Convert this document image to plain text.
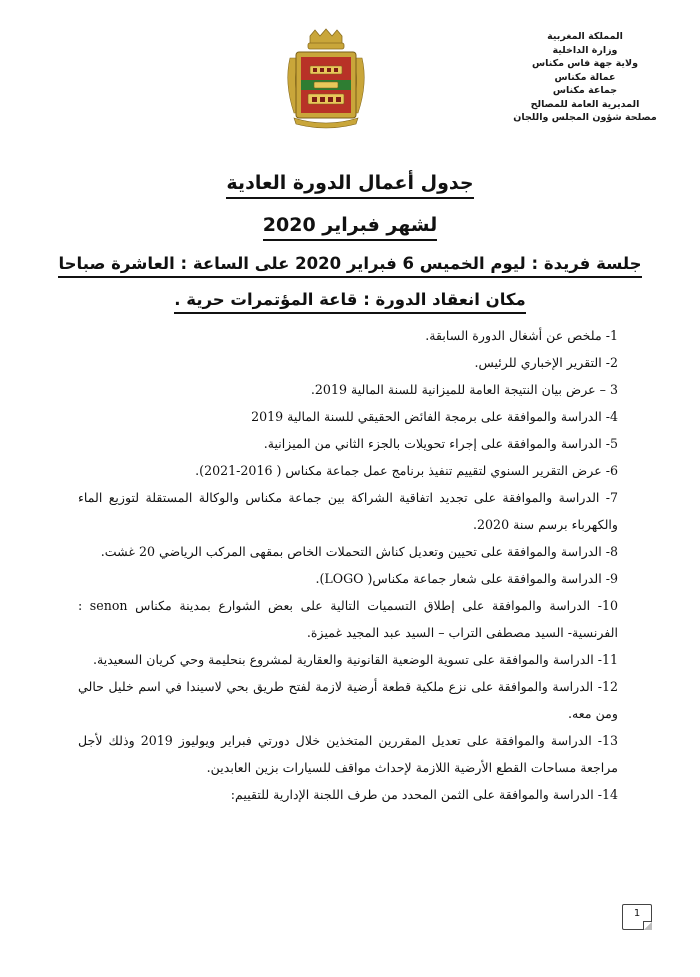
المملكة المغربية
وزارة الداخلية
ولاية جهة فاس مكناس
عمالة مكناس
جماعة مكناس
المديرية العامة للمصالح
مصلحة شؤون المجلس واللجان
جدول أعمال الدورة العادية
لشهر فبراير 2020
جلسة فريدة : ليوم الخميس 6 فبراير 2020 على الساعة : العاشرة صباحا
مكان انعقاد الدورة : قاعة المؤتمرات حرية .
1- ملخص عن أشغال الدورة السابقة.
2- التقرير الإخباري للرئيس.
3 – عرض بيان النتيجة العامة للميزانية للسنة المالية 2019.
4- الدراسة والموافقة على برمجة الفائض الحقيقي للسنة المالية 2019
5- الدراسة والموافقة على إجراء تحويلات بالجزء الثاني من الميزانية.
6- عرض التقرير السنوي لتقييم تنفيذ برنامج عمل جماعة مكناس ( 2016-2021).
7- الدراسة والموافقة على تجديد اتفاقية الشراكة بين جماعة مكناس والوكالة المستقلة لتوزيع الماء والكهرباء برسم سنة 2020.
8- الدراسة والموافقة على تحيين وتعديل كناش التحملات الخاص بمقهى المركب الرياضي 20 غشت.
9- الدراسة والموافقة على شعار جماعة مكناس( LOGO).
10- الدراسة والموافقة على إطلاق التسميات التالية على بعض الشوارع بمدينة مكناس senon : الفرنسية- السيد مصطفى التراب – السيد عبد المجيد غميزة.
11- الدراسة والموافقة على تسوية الوضعية القانونية والعقارية لمشروع بنحليمة وحي كريان السعيدية.
12- الدراسة والموافقة على نزع ملكية قطعة أرضية لازمة لفتح طريق بحي لاسيندا في اسم خليل حالي ومن معه.
13- الدراسة والموافقة على تعديل المقررين المتخذين خلال دورتي فبراير ويوليوز 2019 وذلك لأجل مراجعة مساحات القطع الأرضية اللازمة لإحداث مواقف للسيارات بزين العابدين.
14- الدراسة والموافقة على الثمن المحدد من طرف اللجنة الإدارية للتقييم:
1
